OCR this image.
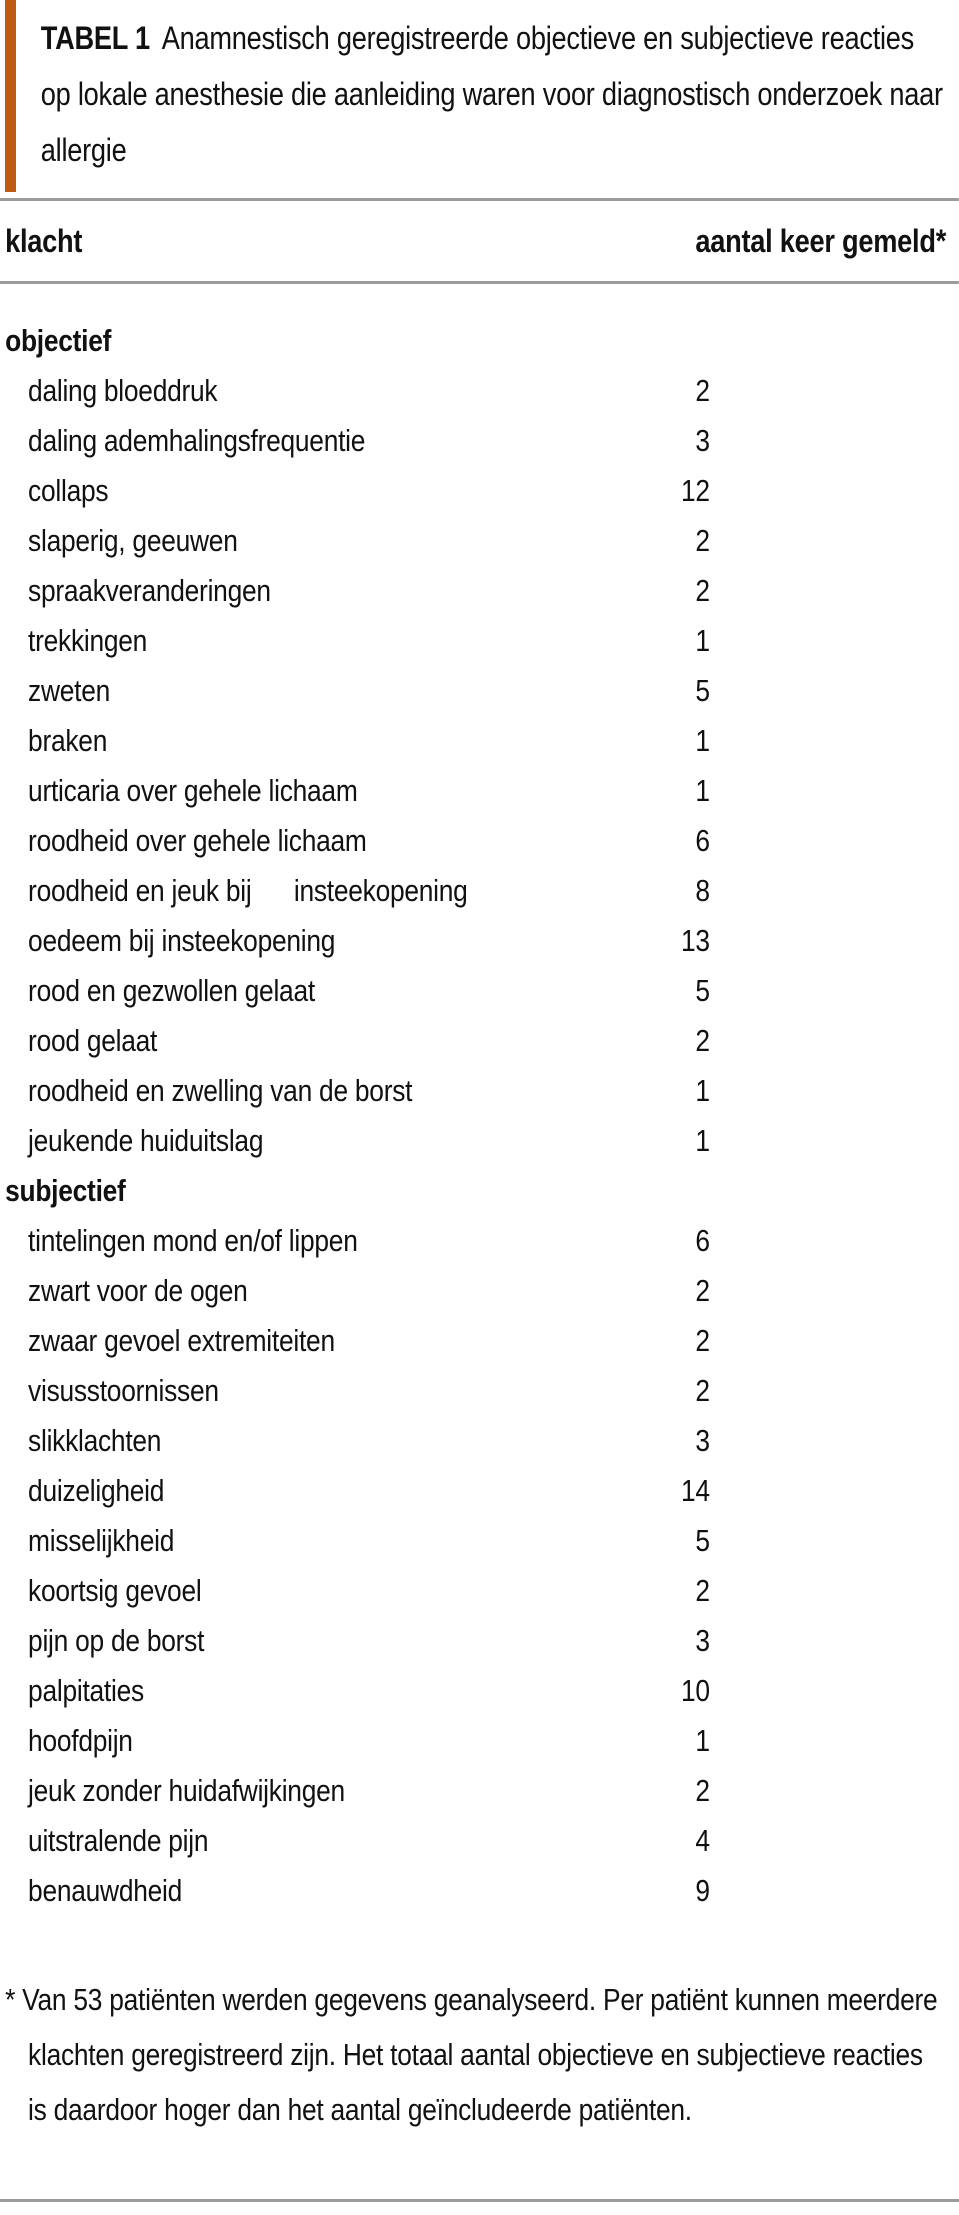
TABEL 1 Anamnestisch geregistreerde objectieve en subjectieve reacties op lokale anesthesie die aanleiding waren voor diagnostisch onderzoek naar allergie

klacht	aantal keer gemeld*
objectief
daling bloeddruk	2
daling ademhalingsfrequentie	3
collaps	12
slaperig, geeuwen	2
spraakveranderingen	2
trekkingen	1
zweten	5
braken	1
urticaria over gehele lichaam	1
roodheid over gehele lichaam	6
roodheid en jeuk bij      insteekopening	8
oedeem bij insteekopening	13
rood en gezwollen gelaat	5
rood gelaat	2
roodheid en zwelling van de borst	1
jeukende huiduitslag	1
subjectief
tintelingen mond en/of lippen	6
zwart voor de ogen	2
zwaar gevoel extremiteiten	2
visusstoornissen	2
slikklachten	3
duizeligheid	14
misselijkheid	5
koortsig gevoel	2
pijn op de borst	3
palpitaties	10
hoofdpijn	1
jeuk zonder huidafwijkingen	2
uitstralende pijn	4
benauwdheid	9

* Van 53 patiënten werden gegevens geanalyseerd. Per patiënt kunnen meerdere klachten geregistreerd zijn. Het totaal aantal objectieve en subjectieve reacties is daardoor hoger dan het aantal geïncludeerde patiënten.
